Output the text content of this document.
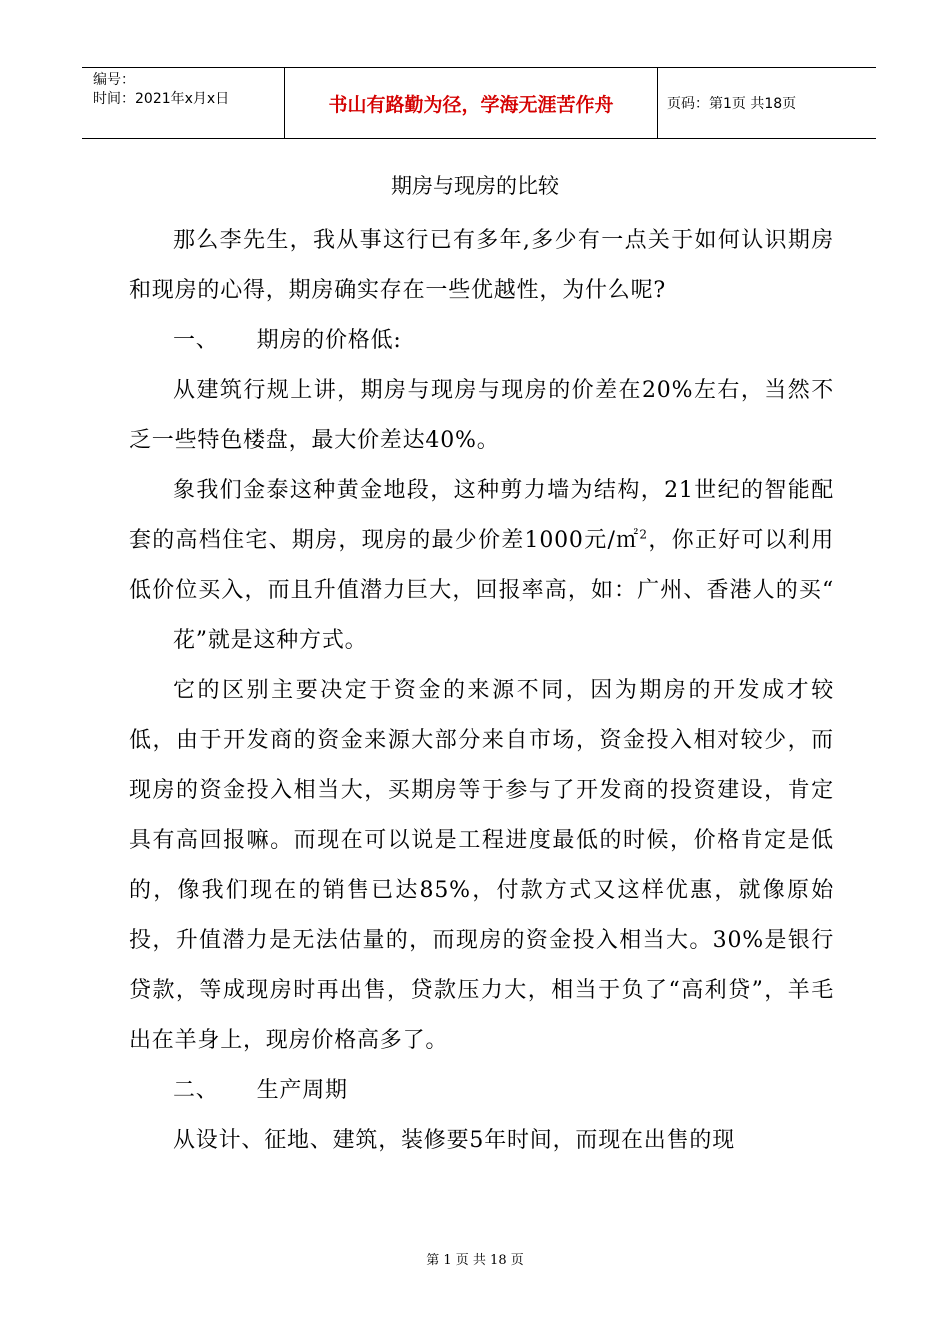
编号：
时间：2021年x月x日	书山有路勤为径，学海无涯苦作舟	页码：第1页 共18页
期房与现房的比较

那么李先生，我从事这行已有多年,多少有一点关于如何认识期房和现房的心得，期房确实存在一些优越性，为什么呢?

一、 期房的价格低:

从建筑行规上讲，期房与现房与现房的价差在20%左右，当然不乏一些特色楼盘，最大价差达40%。

象我们金泰这种黄金地段，这种剪力墙为结构，21世纪的智能配套的高档住宅、期房，现房的最少价差1000元/㎡$^2$，你正好可以利用低价位买入，而且升值潜力巨大，回报率高，如：广州、香港人的买“花”就是这种方式。

它的区别主要决定于资金的来源不同，因为期房的开发成才较低，由于开发商的资金来源大部分来自市场，资金投入相对较少，而现房的资金投入相当大，买期房等于参与了开发商的投资建设，肯定具有高回报嘛。而现在可以说是工程进度最低的时候，价格肯定是低的，像我们现在的销售已达85%，付款方式又这样优惠，就像原始投，升值潜力是无法估量的，而现房的资金投入相当大。30%是银行贷款，等成现房时再出售，贷款压力大，相当于负了“高利贷”，羊毛出在羊身上，现房价格高多了。

二、 生产周期

从设计、征地、建筑，装修要5年时间，而现在出售的现

第 1 页 共 18 页
